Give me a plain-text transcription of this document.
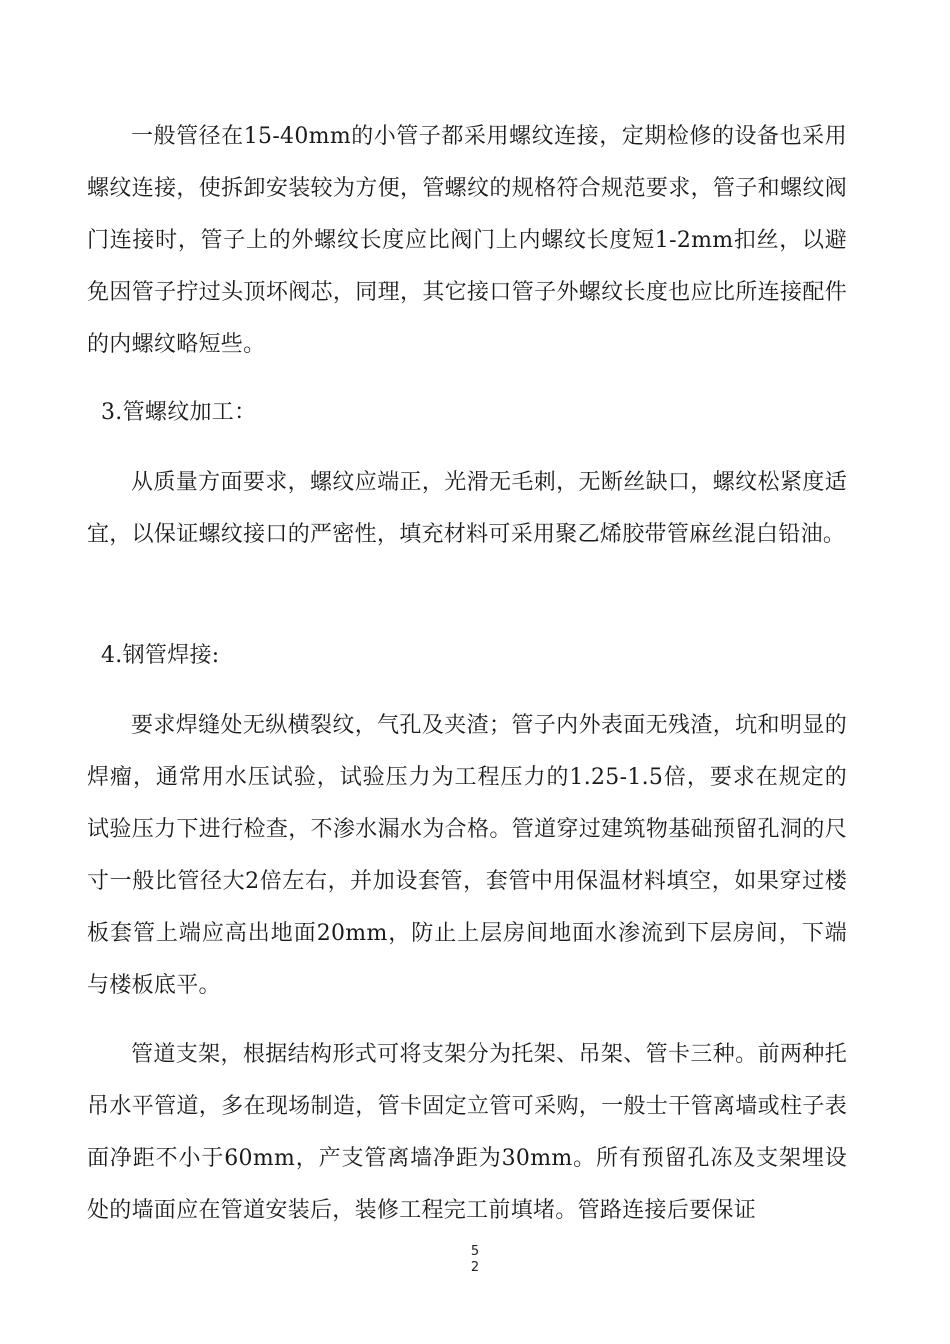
一般管径在15-40mm的小管子都采用螺纹连接，定期检修的设备也采用螺纹连接，使拆卸安装较为方便，管螺纹的规格符合规范要求，管子和螺纹阀门连接时，管子上的外螺纹长度应比阀门上内螺纹长度短1-2mm扣丝，以避免因管子拧过头顶坏阀芯，同理，其它接口管子外螺纹长度也应比所连接配件的内螺纹略短些。

3.管螺纹加工：

从质量方面要求，螺纹应端正，光滑无毛刺，无断丝缺口，螺纹松紧度适宜，以保证螺纹接口的严密性，填充材料可采用聚乙烯胶带管麻丝混白铅油。

4.钢管焊接:

要求焊缝处无纵横裂纹，气孔及夹渣；管子内外表面无残渣，坑和明显的焊瘤，通常用水压试验，试验压力为工程压力的1.25-1.5倍，要求在规定的试验压力下进行检查，不渗水漏水为合格。管道穿过建筑物基础预留孔洞的尺寸一般比管径大2倍左右，并加设套管，套管中用保温材料填空，如果穿过楼板套管上端应高出地面20mm，防止上层房间地面水渗流到下层房间，下端与楼板底平。

管道支架，根据结构形式可将支架分为托架、吊架、管卡三种。前两种托吊水平管道，多在现场制造，管卡固定立管可采购，一般士干管离墙或柱子表面净距不小于60mm，产支管离墙净距为30mm。所有预留孔冻及支架埋设处的墙面应在管道安装后，装修工程完工前填堵。管路连接后要保证

5
2
